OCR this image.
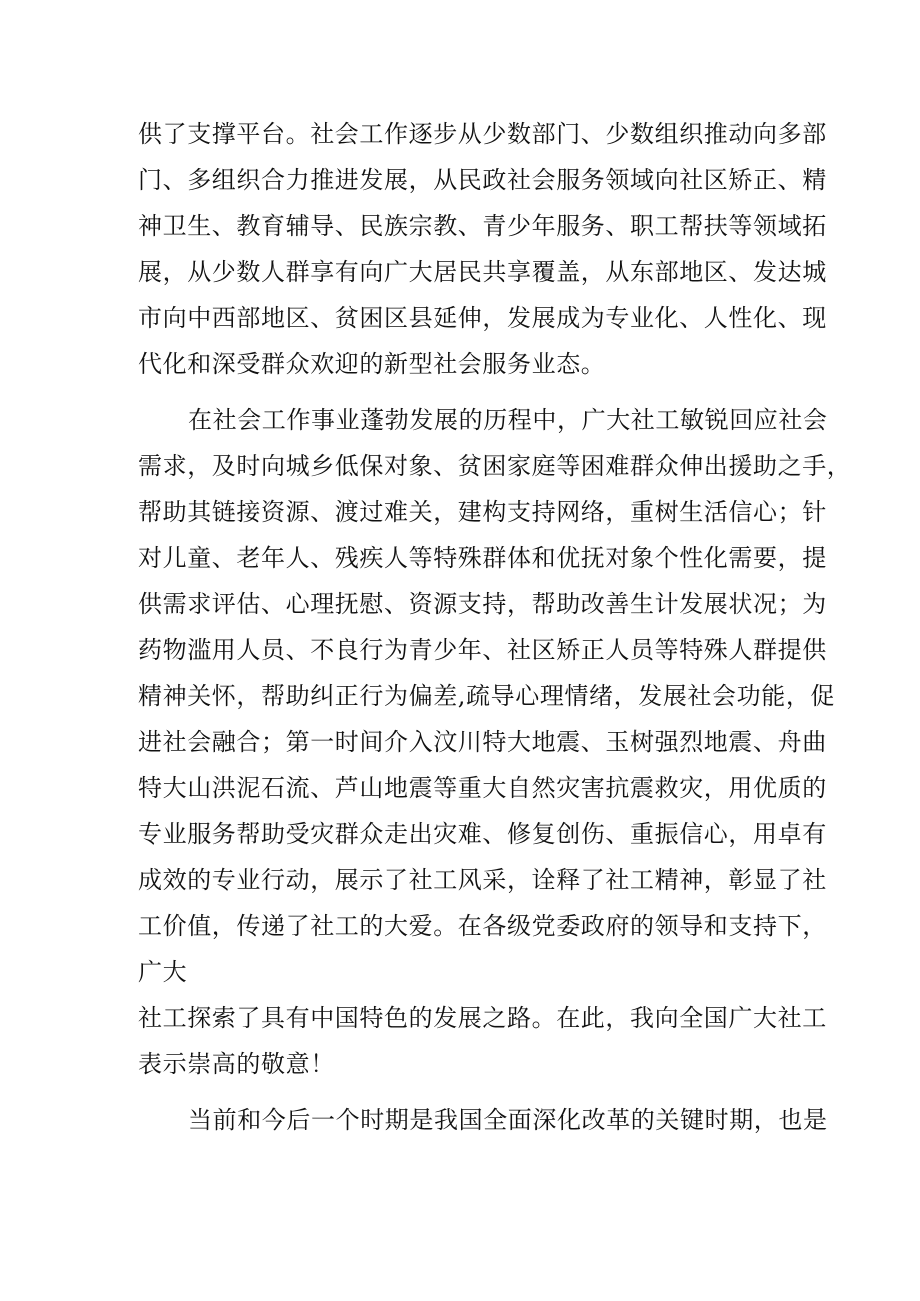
供了支撑平台。社会工作逐步从少数部门、少数组织推动向多部
门、多组织合力推进发展，从民政社会服务领域向社区矫正、精
神卫生、教育辅导、民族宗教、青少年服务、职工帮扶等领域拓
展，从少数人群享有向广大居民共享覆盖，从东部地区、发达城
市向中西部地区、贫困区县延伸，发展成为专业化、人性化、现
代化和深受群众欢迎的新型社会服务业态。
在社会工作事业蓬勃发展的历程中，广大社工敏锐回应社会
需求，及时向城乡低保对象、贫困家庭等困难群众伸出援助之手，
帮助其链接资源、渡过难关，建构支持网络，重树生活信心；针
对儿童、老年人、残疾人等特殊群体和优抚对象个性化需要，提
供需求评估、心理抚慰、资源支持，帮助改善生计发展状况；为
药物滥用人员、不良行为青少年、社区矫正人员等特殊人群提供
精神关怀，帮助纠正行为偏差,疏导心理情绪，发展社会功能，促
进社会融合；第一时间介入汶川特大地震、玉树强烈地震、舟曲
特大山洪泥石流、芦山地震等重大自然灾害抗震救灾，用优质的
专业服务帮助受灾群众走出灾难、修复创伤、重振信心，用卓有
成效的专业行动，展示了社工风采，诠释了社工精神，彰显了社
工价值，传递了社工的大爱。在各级党委政府的领导和支持下，
广大
社工探索了具有中国特色的发展之路。在此，我向全国广大社工
表示崇高的敬意！
当前和今后一个时期是我国全面深化改革的关键时期，也是
